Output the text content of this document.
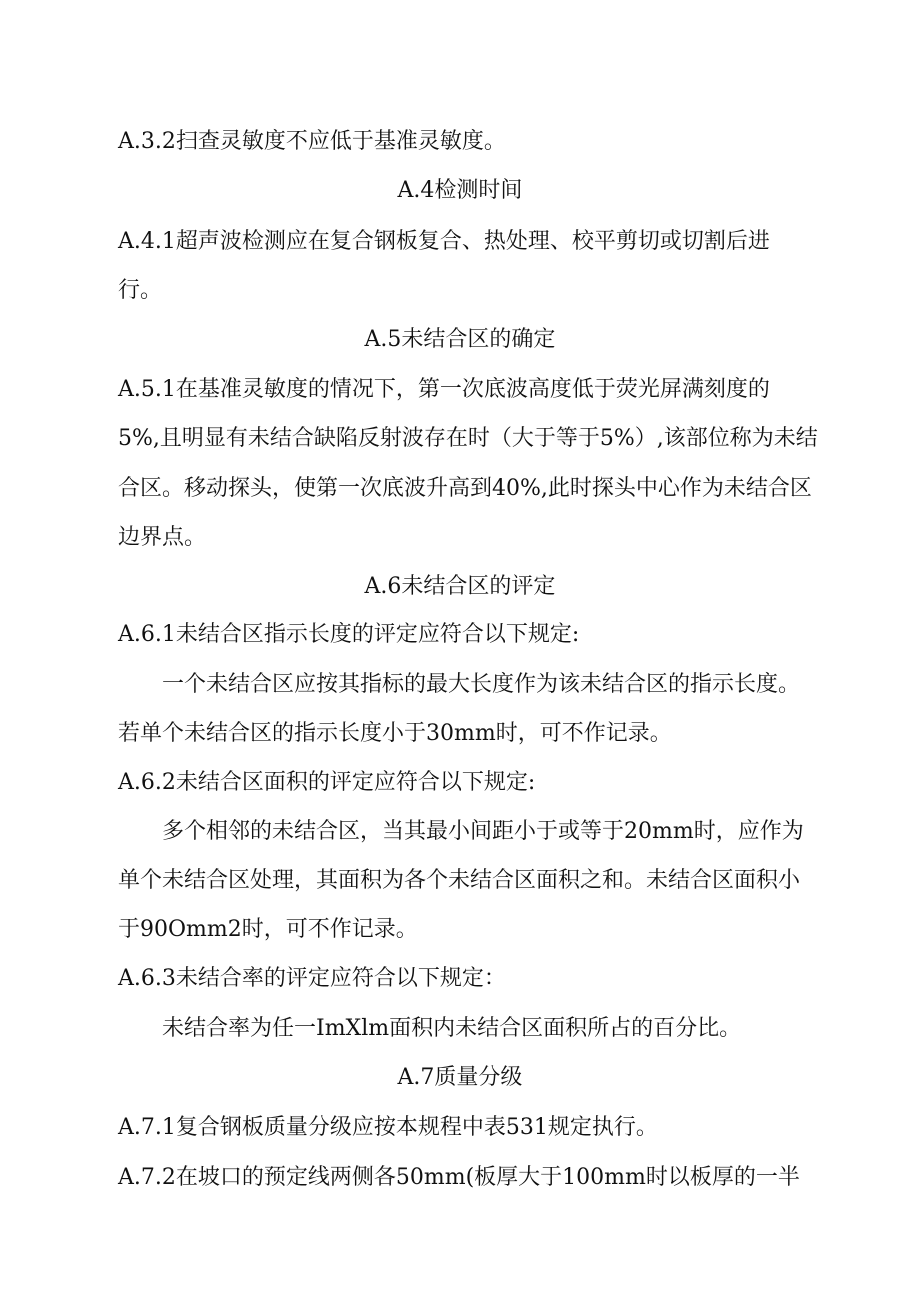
A.3.2扫查灵敏度不应低于基准灵敏度。
A.4检测时间
A.4.1超声波检测应在复合钢板复合、热处理、校平剪切或切割后进
行。
A.5未结合区的确定
A.5.1在基准灵敏度的情况下，第一次底波高度低于荧光屏满刻度的
5%,且明显有未结合缺陷反射波存在时（大于等于5%）,该部位称为未结
合区。移动探头，使第一次底波升高到40%,此时探头中心作为未结合区
边界点。
A.6未结合区的评定
A.6.1未结合区指示长度的评定应符合以下规定:
一个未结合区应按其指标的最大长度作为该未结合区的指示长度。
若单个未结合区的指示长度小于30mm时，可不作记录。
A.6.2未结合区面积的评定应符合以下规定:
多个相邻的未结合区，当其最小间距小于或等于20mm时，应作为
单个未结合区处理，其面积为各个未结合区面积之和。未结合区面积小
于90Omm2时，可不作记录。
A.6.3未结合率的评定应符合以下规定：
未结合率为任一ImXlm面积内未结合区面积所占的百分比。
A.7质量分级
A.7.1复合钢板质量分级应按本规程中表531规定执行。
A.7.2在坡口的预定线两侧各50mm(板厚大于100mm时以板厚的一半
